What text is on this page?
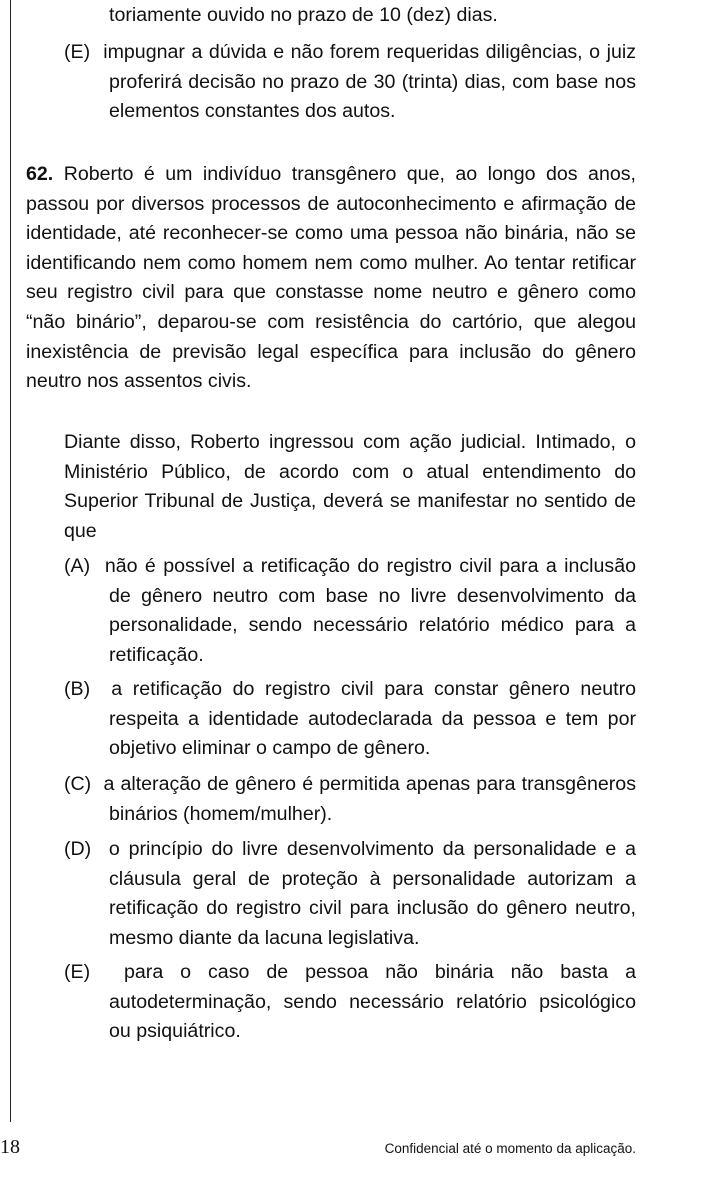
toriamente ouvido no prazo de 10 (dez) dias.

(E) impugnar a dúvida e não forem requeridas diligências, o juiz proferirá decisão no prazo de 30 (trinta) dias, com base nos elementos constantes dos autos.

62. Roberto é um indivíduo transgênero que, ao longo dos anos, passou por diversos processos de autoconhecimento e afirmação de identidade, até reconhecer-se como uma pessoa não binária, não se identificando nem como homem nem como mulher. Ao tentar retificar seu registro civil para que constasse nome neutro e gênero como “não binário”, deparou-se com resistência do cartório, que alegou inexistência de previsão legal específica para inclusão do gênero neutro nos assentos civis.

Diante disso, Roberto ingressou com ação judicial. Intimado, o Ministério Público, de acordo com o atual entendimento do Superior Tribunal de Justiça, deverá se manifestar no sentido de que

(A) não é possível a retificação do registro civil para a inclusão de gênero neutro com base no livre desenvolvimento da personalidade, sendo necessário relatório médico para a retificação.

(B) a retificação do registro civil para constar gênero neutro respeita a identidade autodeclarada da pessoa e tem por objetivo eliminar o campo de gênero.

(C) a alteração de gênero é permitida apenas para transgêneros binários (homem/mulher).

(D) o princípio do livre desenvolvimento da personalidade e a cláusula geral de proteção à personalidade autorizam a retificação do registro civil para inclusão do gênero neutro, mesmo diante da lacuna legislativa.

(E) para o caso de pessoa não binária não basta a autodeterminação, sendo necessário relatório psicológico ou psiquiátrico.

18	Confidencial até o momento da aplicação.
